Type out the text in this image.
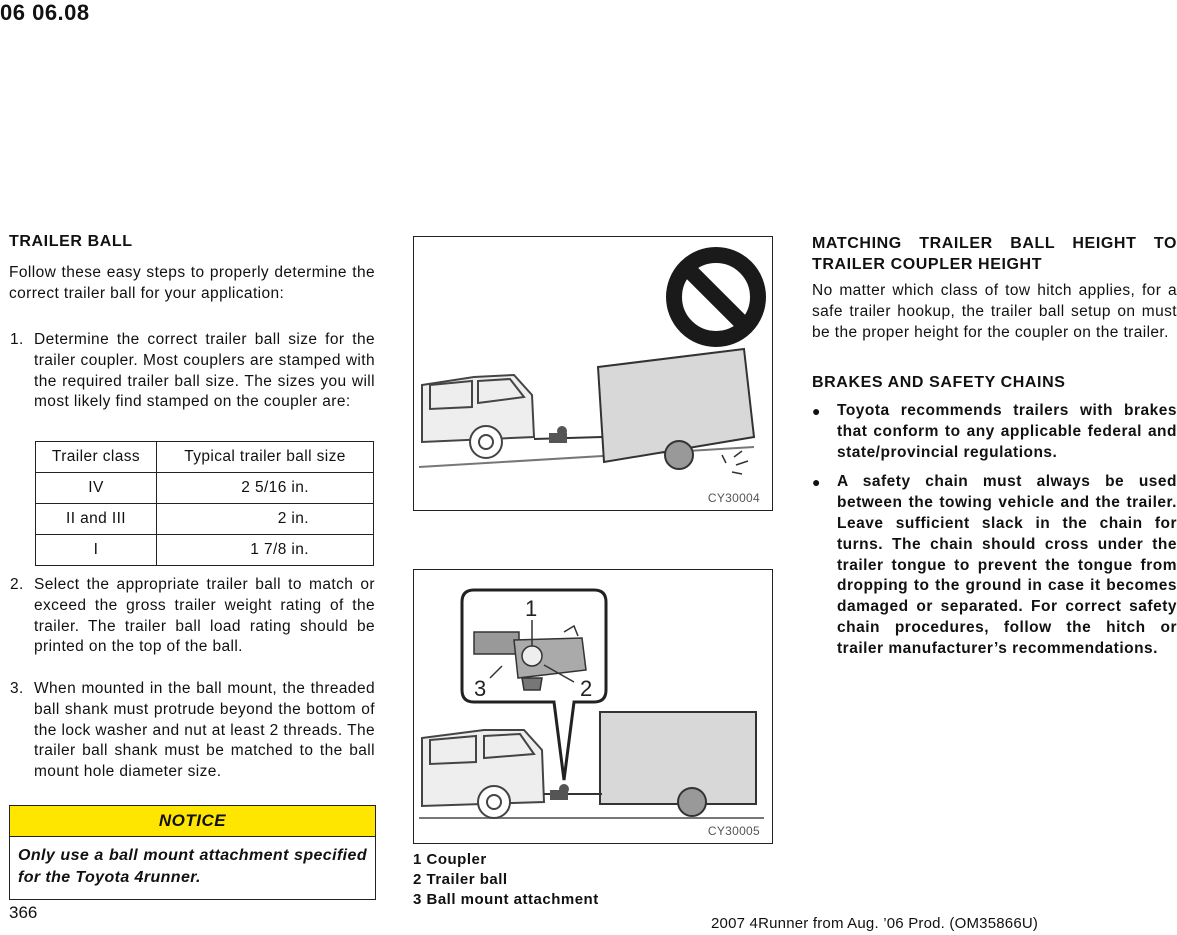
06 06.08
TRAILER BALL
Follow these easy steps to properly determine the correct trailer ball for your application:
1. Determine the correct trailer ball size for the trailer coupler. Most couplers are stamped with the required trailer ball size. The sizes you will most likely find stamped on the coupler are:
Trailer class	Typical trailer ball size
IV	2 5/16 in.
II and III	2 in.
I	1 7/8 in.
2. Select the appropriate trailer ball to match or exceed the gross trailer weight rating of the trailer. The trailer ball load rating should be printed on the top of the ball.
3. When mounted in the ball mount, the threaded ball shank must protrude beyond the bottom of the lock washer and nut at least 2 threads. The trailer ball shank must be matched to the ball mount hole diameter size.
NOTICE
Only use a ball mount attachment specified for the Toyota 4runner.
CY30004
1
2
3
CY30005
1 Coupler
2 Trailer ball
3 Ball mount attachment
MATCHING TRAILER BALL HEIGHT TO TRAILER COUPLER HEIGHT
No matter which class of tow hitch applies, for a safe trailer hookup, the trailer ball setup on must be the proper height for the coupler on the trailer.
BRAKES AND SAFETY CHAINS
●	Toyota recommends trailers with brakes that conform to any applicable federal and state/provincial regulations.
●	A safety chain must always be used between the towing vehicle and the trailer. Leave sufficient slack in the chain for turns. The chain should cross under the trailer tongue to prevent the tongue from dropping to the ground in case it becomes damaged or separated. For correct safety chain procedures, follow the hitch or trailer manufacturer’s recommendations.
366
2007 4Runner from Aug. ’06 Prod. (OM35866U)
